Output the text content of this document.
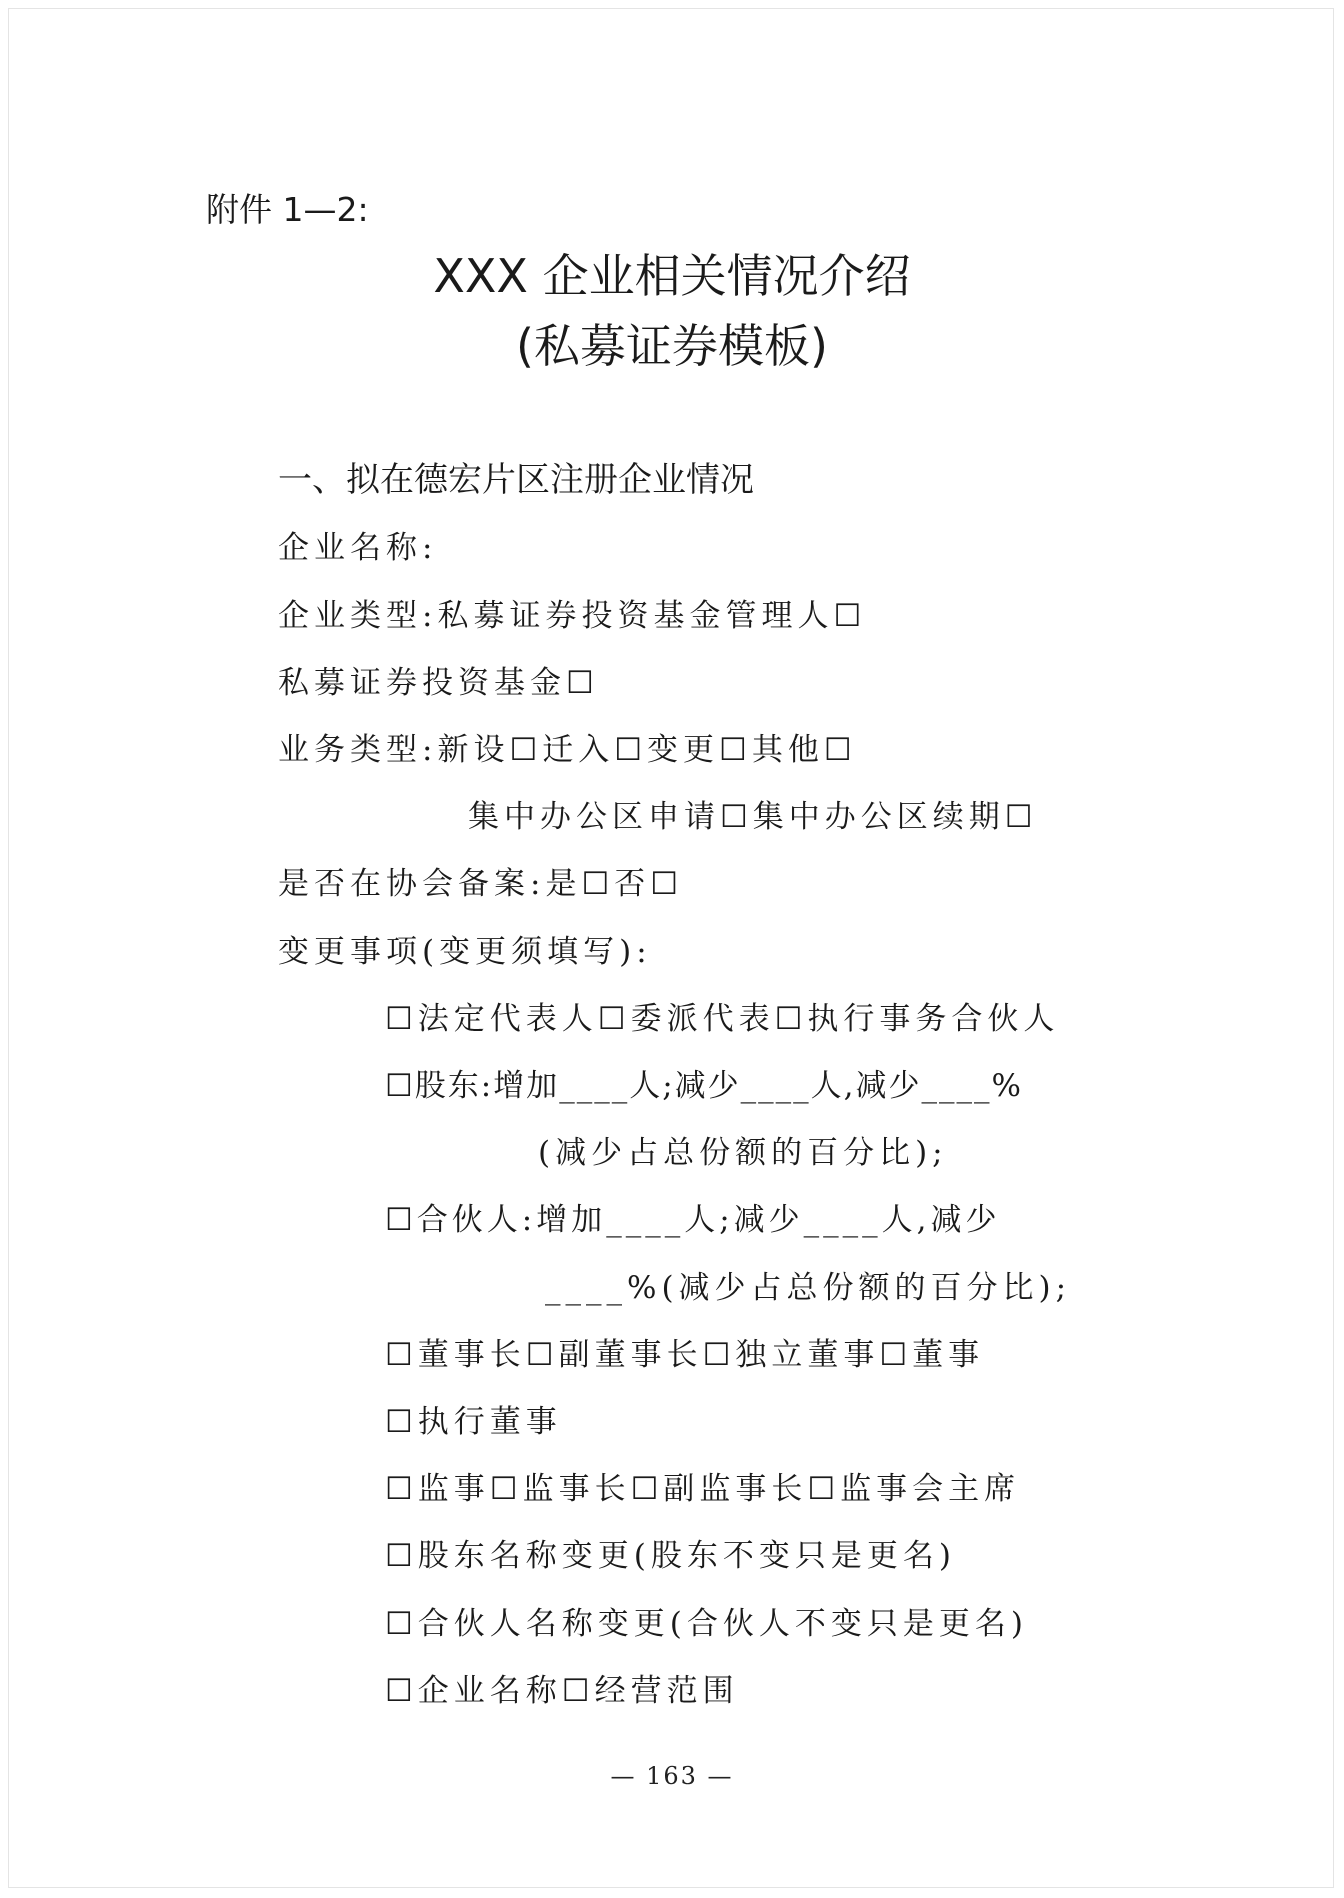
附件 1—2:
XXX 企业相关情况介绍
(私募证券模板)
一、拟在德宏片区注册企业情况
企业名称:
企业类型:私募证券投资基金管理人☐
私募证券投资基金☐
业务类型:新设☐迁入☐变更☐其他☐
集中办公区申请☐集中办公区续期☐
是否在协会备案:是☐否☐
变更事项(变更须填写):
☐法定代表人☐委派代表☐执行事务合伙人
☐股东:增加____人;减少____人,减少____%
(减少占总份额的百分比);
☐合伙人:增加____人;减少____人,减少
____%(减少占总份额的百分比);
☐董事长☐副董事长☐独立董事☐董事
☐执行董事
☐监事☐监事长☐副监事长☐监事会主席
☐股东名称变更(股东不变只是更名)
☐合伙人名称变更(合伙人不变只是更名)
☐企业名称☐经营范围
— 163 —
